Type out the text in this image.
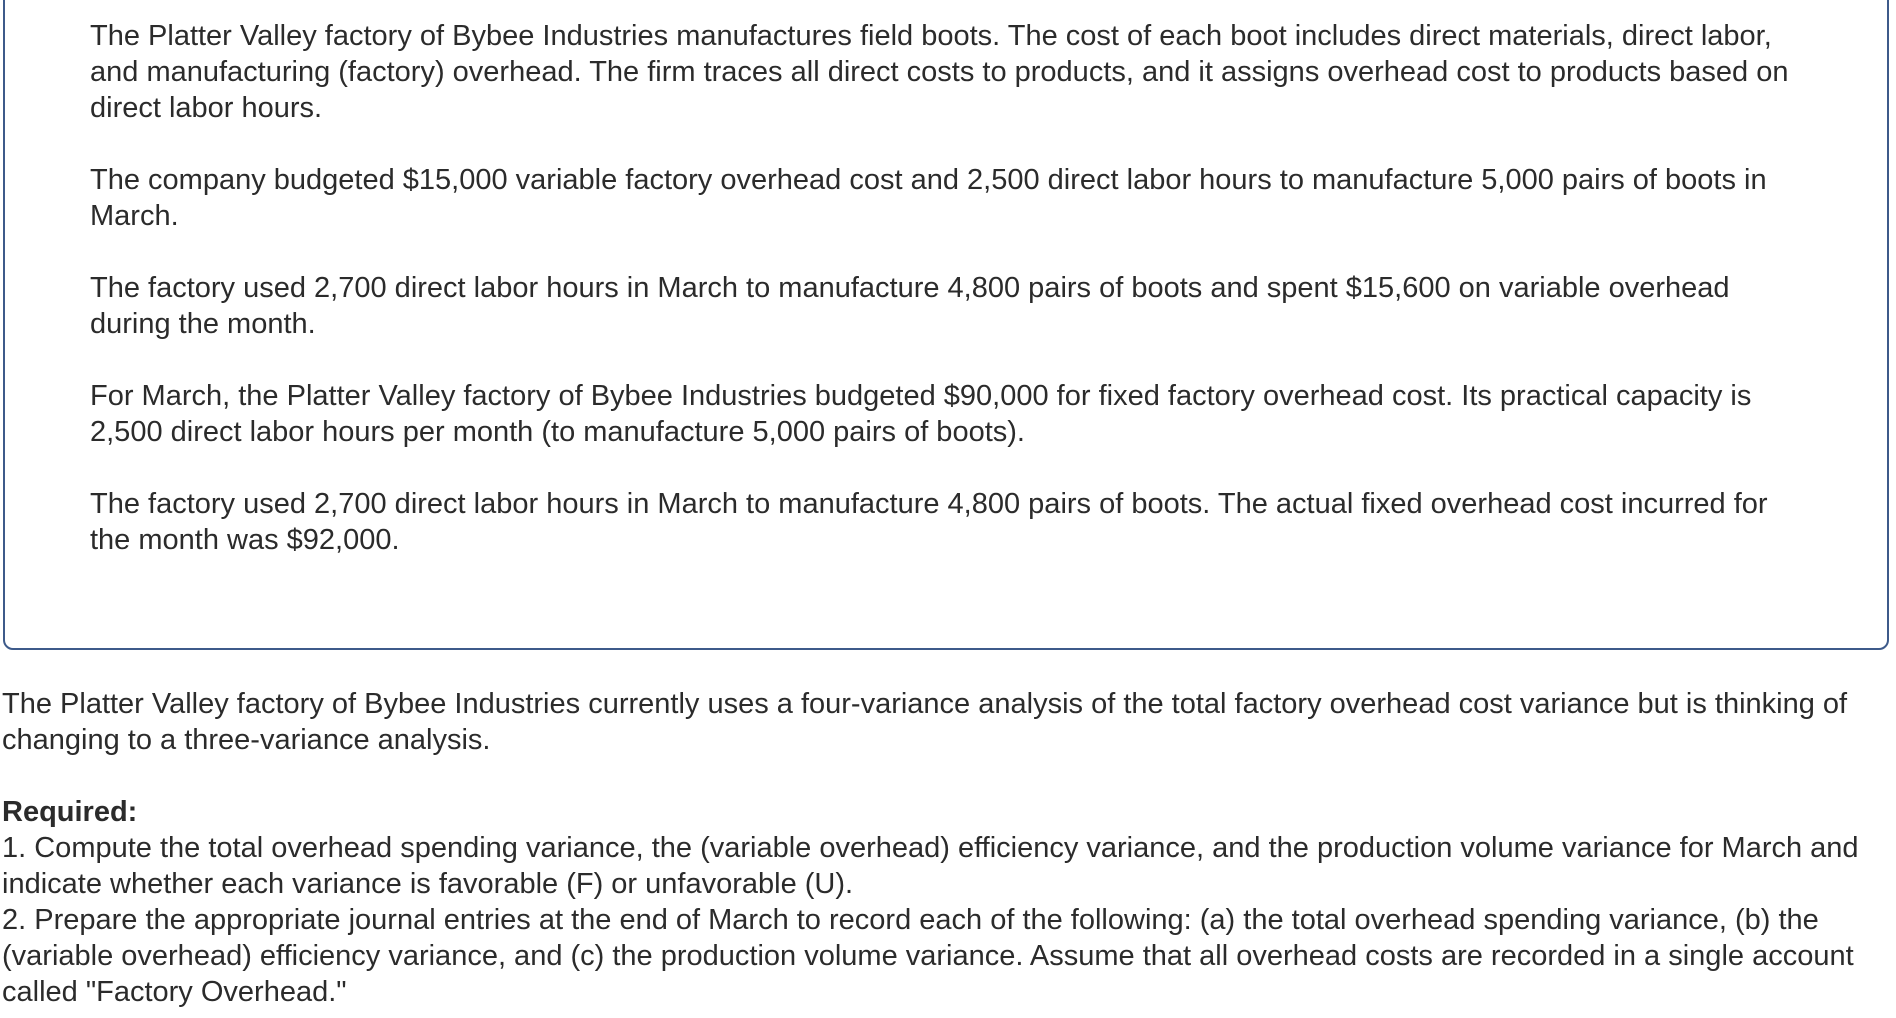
The Platter Valley factory of Bybee Industries manufactures field boots. The cost of each boot includes direct materials, direct labor, and manufacturing (factory) overhead. The firm traces all direct costs to products, and it assigns overhead cost to products based on direct labor hours.

The company budgeted $15,000 variable factory overhead cost and 2,500 direct labor hours to manufacture 5,000 pairs of boots in March.

The factory used 2,700 direct labor hours in March to manufacture 4,800 pairs of boots and spent $15,600 on variable overhead during the month.

For March, the Platter Valley factory of Bybee Industries budgeted $90,000 for fixed factory overhead cost. Its practical capacity is 2,500 direct labor hours per month (to manufacture 5,000 pairs of boots).

The factory used 2,700 direct labor hours in March to manufacture 4,800 pairs of boots. The actual fixed overhead cost incurred for the month was $92,000.

The Platter Valley factory of Bybee Industries currently uses a four-variance analysis of the total factory overhead cost variance but is thinking of changing to a three-variance analysis.

Required:

1. Compute the total overhead spending variance, the (variable overhead) efficiency variance, and the production volume variance for March and indicate whether each variance is favorable (F) or unfavorable (U).

2. Prepare the appropriate journal entries at the end of March to record each of the following: (a) the total overhead spending variance, (b) the (variable overhead) efficiency variance, and (c) the production volume variance. Assume that all overhead costs are recorded in a single account called "Factory Overhead."
